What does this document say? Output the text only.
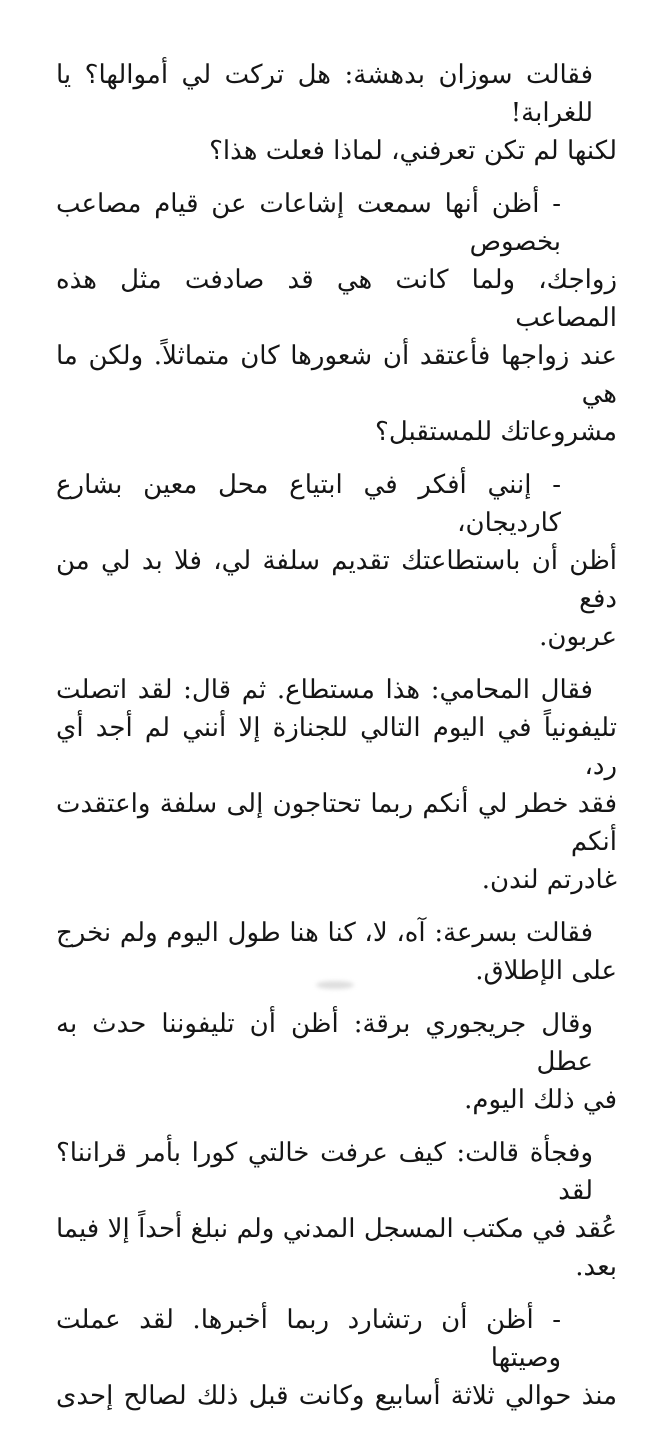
فقالت سوزان بدهشة: هل تركت لي أموالها؟ يا للغرابة!
لكنها لم تكن تعرفني، لماذا فعلت هذا؟
- أظن أنها سمعت إشاعات عن قيام مصاعب بخصوص
زواجك، ولما كانت هي قد صادفت مثل هذه المصاعب
عند زواجها فأعتقد أن شعورها كان متماثلاً. ولكن ما هي
مشروعاتك للمستقبل؟
- إنني أفكر في ابتياع محل معين بشارع كارديجان،
أظن أن باستطاعتك تقديم سلفة لي، فلا بد لي من دفع
عربون.
فقال المحامي: هذا مستطاع. ثم قال: لقد اتصلت
تليفونياً في اليوم التالي للجنازة إلا أنني لم أجد أي رد،
فقد خطر لي أنكم ربما تحتاجون إلى سلفة واعتقدت أنكم
غادرتم لندن.
فقالت بسرعة: آه، لا، كنا هنا طول اليوم ولم نخرج
على الإطلاق.
وقال جريجوري برقة: أظن أن تليفوننا حدث به عطل
في ذلك اليوم.
وفجأة قالت: كيف عرفت خالتي كورا بأمر قراننا؟ لقد
عُقد في مكتب المسجل المدني ولم نبلغ أحداً إلا فيما بعد.
- أظن أن رتشارد ربما أخبرها. لقد عملت وصيتها
منذ حوالي ثلاثة أسابيع وكانت قبل ذلك لصالح إحدى
